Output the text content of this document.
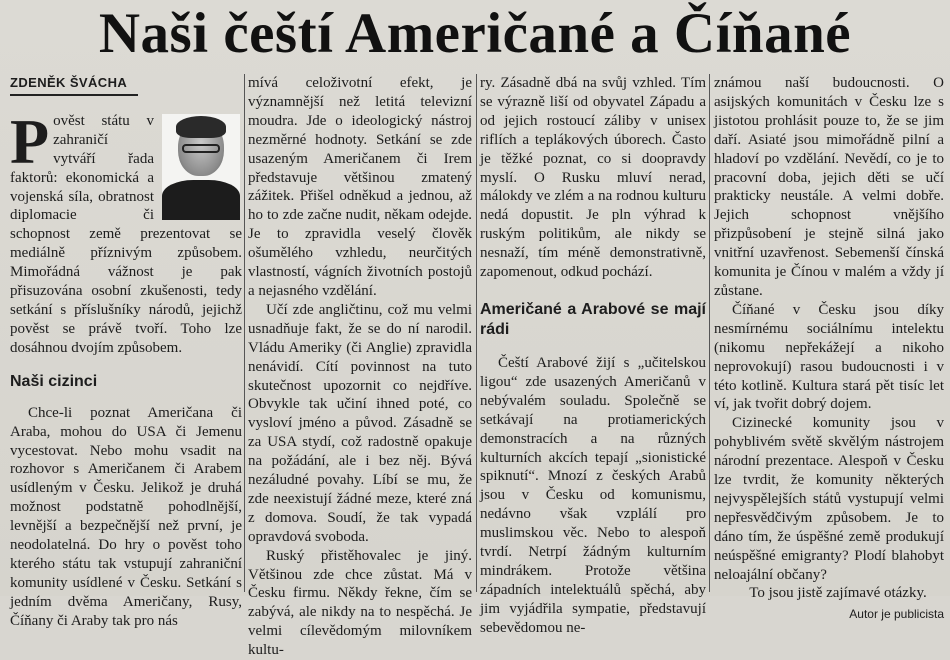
Naši čeští Američané a Číňané
ZDENĚK ŠVÁCHA

Pověst státu v zahraničí vytváří řada faktorů: ekonomická a vojenská síla, obratnost diplomacie či schopnost země prezentovat se mediálně příznivým způsobem. Mimořádná vážnost je pak přisuzována osobní zkušenosti, tedy setkání s příslušníky národů, jejichž pověst se právě tvoří. Toho lze dosáhnou dvojím způsobem.

Naši cizinci

Chce-li poznat Američana či Araba, mohou do USA či Jemenu vycestovat. Nebo mohu vsadit na rozhovor s Američanem či Arabem usídleným v Česku. Jelikož je druhá možnost podstatně pohodlnější, levnější a bezpečnější než první, je neodolatelná. Do hry o pověst toho kterého státu tak vstupují zahraniční komunity usídlené v Česku. Setkání s jedním dvěma Američany, Rusy, Číňany či Araby tak pro nás

mívá celoživotní efekt, je významnější než letitá televizní moudra. Jde o ideologický nástroj nezměrné hodnoty. Setkání se zde usazeným Američanem či Irem představuje většinou zmatený zážitek. Přišel odněkud a jednou, až ho to zde začne nudit, někam odejde. Je to zpravidla veselý člověk ošumělého vzhledu, neurčitých vlastností, vágních životních postojů a nejasného vzdělání.

Učí zde angličtinu, což mu velmi usnadňuje fakt, že se do ní narodil. Vládu Ameriky (či Anglie) zpravidla nenávidí. Cítí povinnost na tuto skutečnost upozornit co nejdříve. Obvykle tak učiní ihned poté, co vysloví jméno a původ. Zásadně se za USA stydí, což radostně opakuje na požádání, ale i bez něj. Bývá nezáludné povahy. Líbí se mu, že zde neexistují žádné meze, které zná z domova. Soudí, že tak vypadá opravdová svoboda.

Ruský přistěhovalec je jiný. Většinou zde chce zůstat. Má v Česku firmu. Někdy řekne, čím se zabývá, ale nikdy na to nespěchá. Je velmi cílevědomým milovníkem kultu-

ry. Zásadně dbá na svůj vzhled. Tím se výrazně liší od obyvatel Západu a od jejich rostoucí záliby v unisex riflích a teplákových úborech. Často je těžké poznat, co si doopravdy myslí. O Rusku mluví nerad, málokdy ve zlém a na rodnou kulturu nedá dopustit. Je pln výhrad k ruským politikům, ale nikdy se nesnaží, tím méně demonstrativně, zapomenout, odkud pochází.

Američané a Arabové se mají rádi

Čeští Arabové žijí s „učitelskou ligou“ zde usazených Američanů v nebývalém souladu. Společně se setkávají na protiamerických demonstracích a na různých kulturních akcích tepají „sionistické spiknutí“. Mnozí z českých Arabů jsou v Česku od komunismu, nedávno však vzplálí pro muslimskou věc. Nebo to alespoň tvrdí. Netrpí žádným kulturním mindrákem. Protože většina západních intelektuálů spěchá, aby jim vyjádřila sympatie, představují sebevědomou ne-

známou naší budoucnosti. O asijských komunitách v Česku lze s jistotou prohlásit pouze to, že se jim daří. Asiaté jsou mimořádně pilní a hladoví po vzdělání. Nevědí, co je to pracovní doba, jejich děti se učí prakticky neustále. A velmi dobře. Jejich schopnost vnějšího přizpůsobení je stejně silná jako vnitřní uzavřenost. Sebemenší čínská komunita je Čínou v malém a vždy jí zůstane.

Číňané v Česku jsou díky nesmírnému sociálnímu intelektu (nikomu nepřekážejí a nikoho neprovokují) rasou budoucnosti i v této kotlině. Kultura stará pět tisíc let ví, jak tvořit dobrý dojem.

Cizinecké komunity jsou v pohyblivém světě skvělým nástrojem národní prezentace. Alespoň v Česku lze tvrdit, že komunity některých nejvyspělejších států vystupují velmi nepřesvědčivým způsobem. Je to dáno tím, že úspěšné země produkují neúspěšné emigranty? Plodí blahobyt neloajální občany?

To jsou jistě zajímavé otázky.

Autor je publicista
